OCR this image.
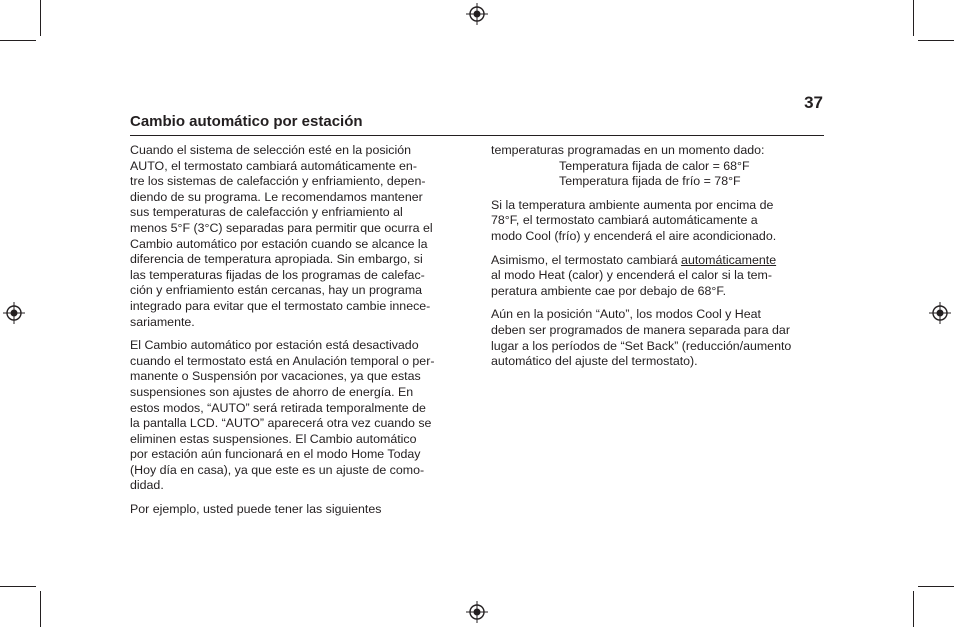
37
Cambio automático por estación

Cuando el sistema de selección esté en la posición
AUTO, el termostato cambiará automáticamente en-
tre los sistemas de calefacción y enfriamiento, depen-
diendo de su programa. Le recomendamos mantener
sus temperaturas de calefacción y enfriamiento al
menos 5°F (3°C) separadas para permitir que ocurra el
Cambio automático por estación cuando se alcance la
diferencia de temperatura apropiada. Sin embargo, si
las temperaturas fijadas de los programas de calefac-
ción y enfriamiento están cercanas, hay un programa
integrado para evitar que el termostato cambie innece-
sariamente.

El Cambio automático por estación está desactivado
cuando el termostato está en Anulación temporal o per-
manente o Suspensión por vacaciones, ya que estas
suspensiones son ajustes de ahorro de energía. En
estos modos, “AUTO” será retirada temporalmente de
la pantalla LCD. “AUTO” aparecerá otra vez cuando se
eliminen estas suspensiones. El Cambio automático
por estación aún funcionará en el modo Home Today
(Hoy día en casa), ya que este es un ajuste de como-
didad.

Por ejemplo, usted puede tener las siguientes

temperaturas programadas en un momento dado:

Temperatura fijada de calor = 68°F
Temperatura fijada de frío = 78°F

Si la temperatura ambiente aumenta por encima de
78°F, el termostato cambiará automáticamente a
modo Cool (frío) y encenderá el aire acondicionado.

Asimismo, el termostato cambiará automáticamente
al modo Heat (calor) y encenderá el calor si la tem-
peratura ambiente cae por debajo de 68°F.

Aún en la posición “Auto”, los modos Cool y Heat
deben ser programados de manera separada para dar
lugar a los períodos de “Set Back” (reducción/aumento
automático del ajuste del termostato).
